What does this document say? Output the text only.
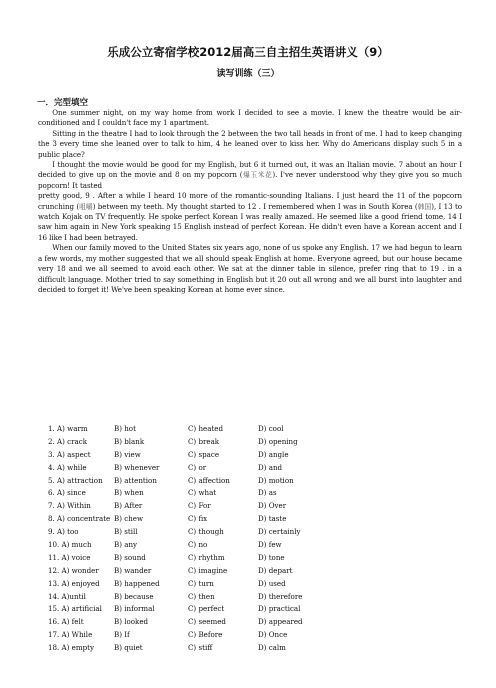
乐成公立寄宿学校2012届高三自主招生英语讲义（9）
读写训练（三）
一．完型填空

One summer night, on my way home from work I decided to see a movie. I knew the theatre would be air-conditioned and I couldn't face my 1 apartment.

Sitting in the theatre I had to look through the 2 between the two tall heads in front of me. I had to keep changing the 3 every time she leaned over to talk to him, 4 he leaned over to kiss her. Why do Americans display such 5 in a public place?

I thought the movie would be good for my English, but 6 it turned out, it was an Italian movie. 7 about an hour I decided to give up on the movie and 8 on my popcorn (爆玉米花). I've never understood why they give you so much popcorn! It tasted

pretty good, 9 . After a while I heard 10 more of the romantic-sounding Italians. I just heard the 11 of the popcorn crunching (咀嚼) between my teeth. My thought started to 12 . I remembered when I was in South Korea (韩国), I 13 to watch Kojak on TV frequently. He spoke perfect Korean I was really amazed. He seemed like a good friend tome, 14 I saw him again in New York speaking 15 English instead of perfect Korean. He didn't even have a Korean accent and I 16 like I had been betrayed.

When our family moved to the United States six years ago, none of us spoke any English. 17 we had begun to learn a few words, my mother suggested that we all should speak English at home. Everyone agreed, but our house became very 18 and we all seemed to avoid each other. We sat at the dinner table in silence, prefer ring that to 19 . in a difficult language. Mother tried to say something in English but it 20 out all wrong and we all burst into laughter and decided to forget it! We've been speaking Korean at home ever since.

1. A) warm	B) hot	C) heated	D) cool
2. A) crack	B) blank	C) break	D) opening
3. A) aspect	B) view	C) space	D) angle
4. A) while	B) whenever	C) or	D) and
5. A) attraction B) attention	C) affection	D) motion
6. A) since	B) when	C) what	D) as
7. A) Within	B) After	C) For	D) Over
8. A) concentrate B) chew	C) fix	D) taste
9. A) too	B) still	C) though	D) certainly
10. A) much	B) any	C) no	D) few
11. A) voice	B) sound	C) rhythm	D) tone
12. A) wonder B) wander	C) imagine	D) depart
13. A) enjoyed B) happened	C) turn	D) used
14. A)until	B) because	C) then	D) therefore
15. A) artificial B) informal	C) perfect	D) practical
16. A) felt	B) looked	C) seemed	D) appeared
17. A) While	B) If	C) Before	D) Once
18. A) empty	B) quiet	C) stiff	D) calm
